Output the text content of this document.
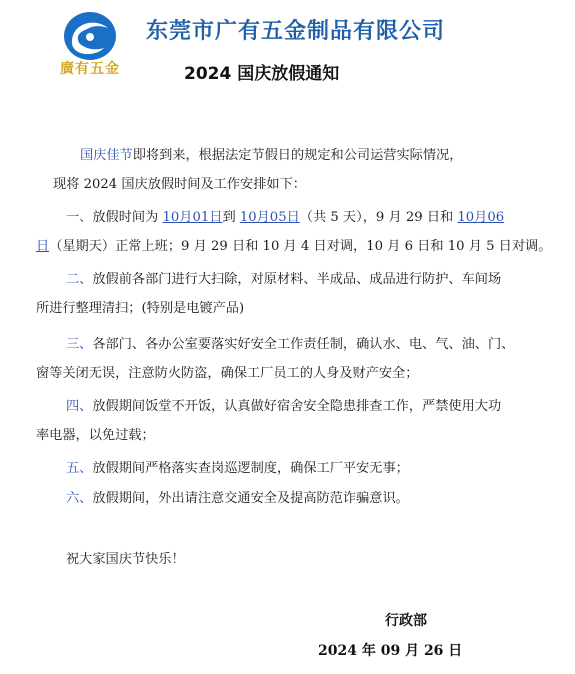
廣有五金
东莞市广有五金制品有限公司
2024 国庆放假通知
国庆佳节即将到来，根据法定节假日的规定和公司运营实际情况，
现将 2024 国庆放假时间及工作安排如下：
一、放假时间为 10月01日到 10月05日（共 5 天），9 月 29 日和 10月06
日（星期天）正常上班；9 月 29 日和 10 月 4 日对调，10 月 6 日和 10 月 5 日对调。
二、放假前各部门进行大扫除，对原材料、半成品、成品进行防护、车间场
所进行整理清扫；(特别是电镀产品)
三、各部门、各办公室要落实好安全工作责任制，确认水、电、气、油、门、
窗等关闭无误，注意防火防盗，确保工厂员工的人身及财产安全；
四、放假期间饭堂不开饭，认真做好宿舍安全隐患排查工作，严禁使用大功
率电器，以免过载；
五、放假期间严格落实查岗巡逻制度，确保工厂平安无事；
六、放假期间，外出请注意交通安全及提高防范诈骗意识。
祝大家国庆节快乐！
行政部
2024 年 09 月 26 日
